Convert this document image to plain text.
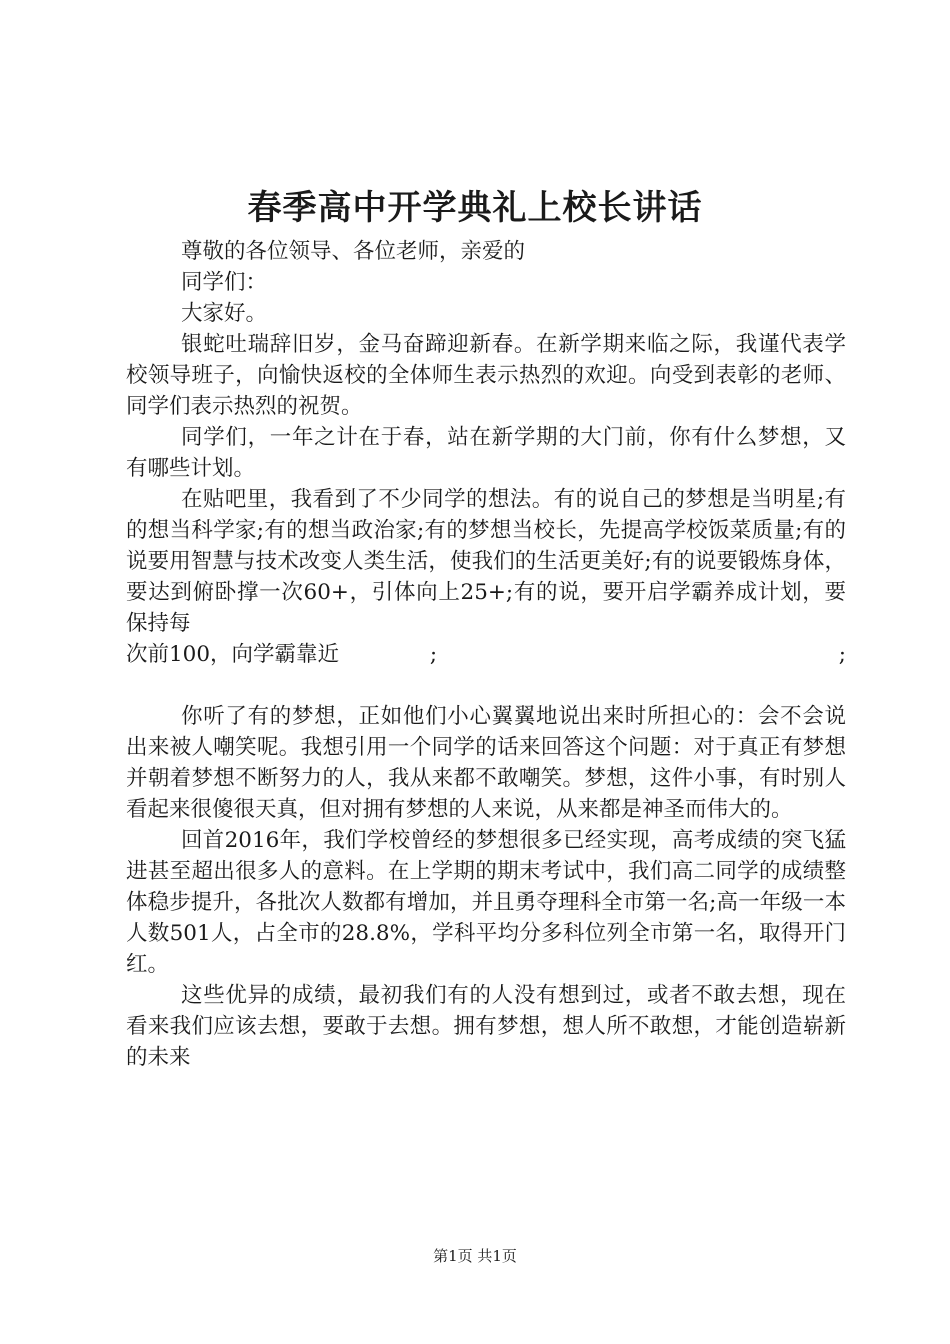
春季高中开学典礼上校长讲话

尊敬的各位领导、各位老师，亲爱的

同学们：

大家好。

银蛇吐瑞辞旧岁，金马奋蹄迎新春。在新学期来临之际，我谨代表学校领导班子，向愉快返校的全体师生表示热烈的欢迎。向受到表彰的老师、同学们表示热烈的祝贺。

同学们，一年之计在于春，站在新学期的大门前，你有什么梦想，又有哪些计划。

在贴吧里，我看到了不少同学的想法。有的说自己的梦想是当明星;有的想当科学家;有的想当政治家;有的梦想当校长，先提高学校饭菜质量;有的说要用智慧与技术改变人类生活，使我们的生活更美好;有的说要锻炼身体，要达到俯卧撑一次60+，引体向上25+;有的说，要开启学霸养成计划，要保持每

次前100，向学霸靠近	;	;

你听了有的梦想，正如他们小心翼翼地说出来时所担心的：会不会说出来被人嘲笑呢。我想引用一个同学的话来回答这个问题：对于真正有梦想并朝着梦想不断努力的人，我从来都不敢嘲笑。梦想，这件小事，有时别人看起来很傻很天真，但对拥有梦想的人来说，从来都是神圣而伟大的。

回首2016年，我们学校曾经的梦想很多已经实现，高考成绩的突飞猛进甚至超出很多人的意料。在上学期的期末考试中，我们高二同学的成绩整体稳步提升，各批次人数都有增加，并且勇夺理科全市第一名;高一年级一本人数501人，占全市的28.8%，学科平均分多科位列全市第一名，取得开门红。

这些优异的成绩，最初我们有的人没有想到过，或者不敢去想，现在看来我们应该去想，要敢于去想。拥有梦想，想人所不敢想，才能创造崭新的未来

第1页 共1页
